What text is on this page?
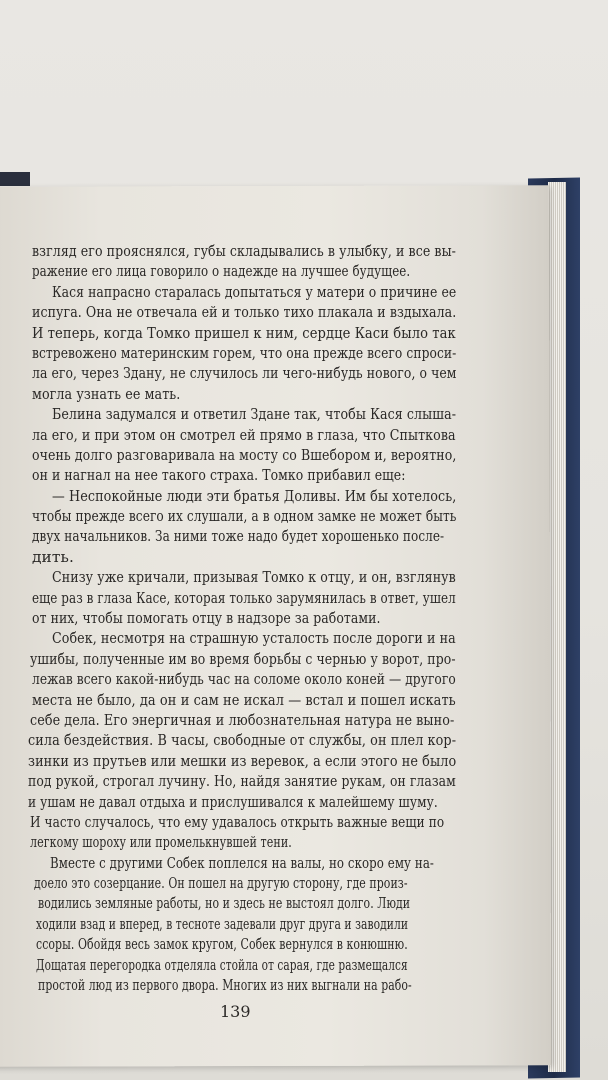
взгляд его прояснялся, губы складывались в улыбку, и все вы-
ражение его лица говорило о надежде на лучшее будущее.
Кася напрасно старалась допытаться у матери о причине ее
испуга. Она не отвечала ей и только тихо плакала и вздыхала.
И теперь, когда Томко пришел к ним, сердце Каси было так
встревожено материнским горем, что она прежде всего спроси-
ла его, через Здану, не случилось ли чего-нибудь нового, о чем
могла узнать ее мать.
Белина задумался и ответил Здане так, чтобы Кася слыша-
ла его, и при этом он смотрел ей прямо в глаза, что Спыткова
очень долго разговаривала на мосту со Вшебором и, вероятно,
он и нагнал на нее такого страха. Томко прибавил еще:
— Неспокойные люди эти братья Доливы. Им бы хотелось,
чтобы прежде всего их слушали, а в одном замке не может быть
двух начальников. За ними тоже надо будет хорошенько после-
дить.
Снизу уже кричали, призывая Томко к отцу, и он, взглянув
еще раз в глаза Касе, которая только зарумянилась в ответ, ушел
от них, чтобы помогать отцу в надзоре за работами.
Собек, несмотря на страшную усталость после дороги и на
ушибы, полученные им во время борьбы с чернью у ворот, про-
лежав всего какой-нибудь час на соломе около коней — другого
места не было, да он и сам не искал — встал и пошел искать
себе дела. Его энергичная и любознательная натура не выно-
сила бездействия. В часы, свободные от службы, он плел кор-
зинки из прутьев или мешки из веревок, а если этого не было
под рукой, строгал лучину. Но, найдя занятие рукам, он глазам
и ушам не давал отдыха и прислушивался к малейшему шуму.
И часто случалось, что ему удавалось открыть важные вещи по
легкому шороху или промелькнувшей тени.
Вместе с другими Собек поплелся на валы, но скоро ему на-
доело это созерцание. Он пошел на другую сторону, где произ-
водились земляные работы, но и здесь не выстоял долго. Люди
ходили взад и вперед, в тесноте задевали друг друга и заводили
ссоры. Обойдя весь замок кругом, Собек вернулся в конюшню.
Дощатая перегородка отделяла стойла от сарая, где размещался
простой люд из первого двора. Многих из них выгнали на рабо-
139
